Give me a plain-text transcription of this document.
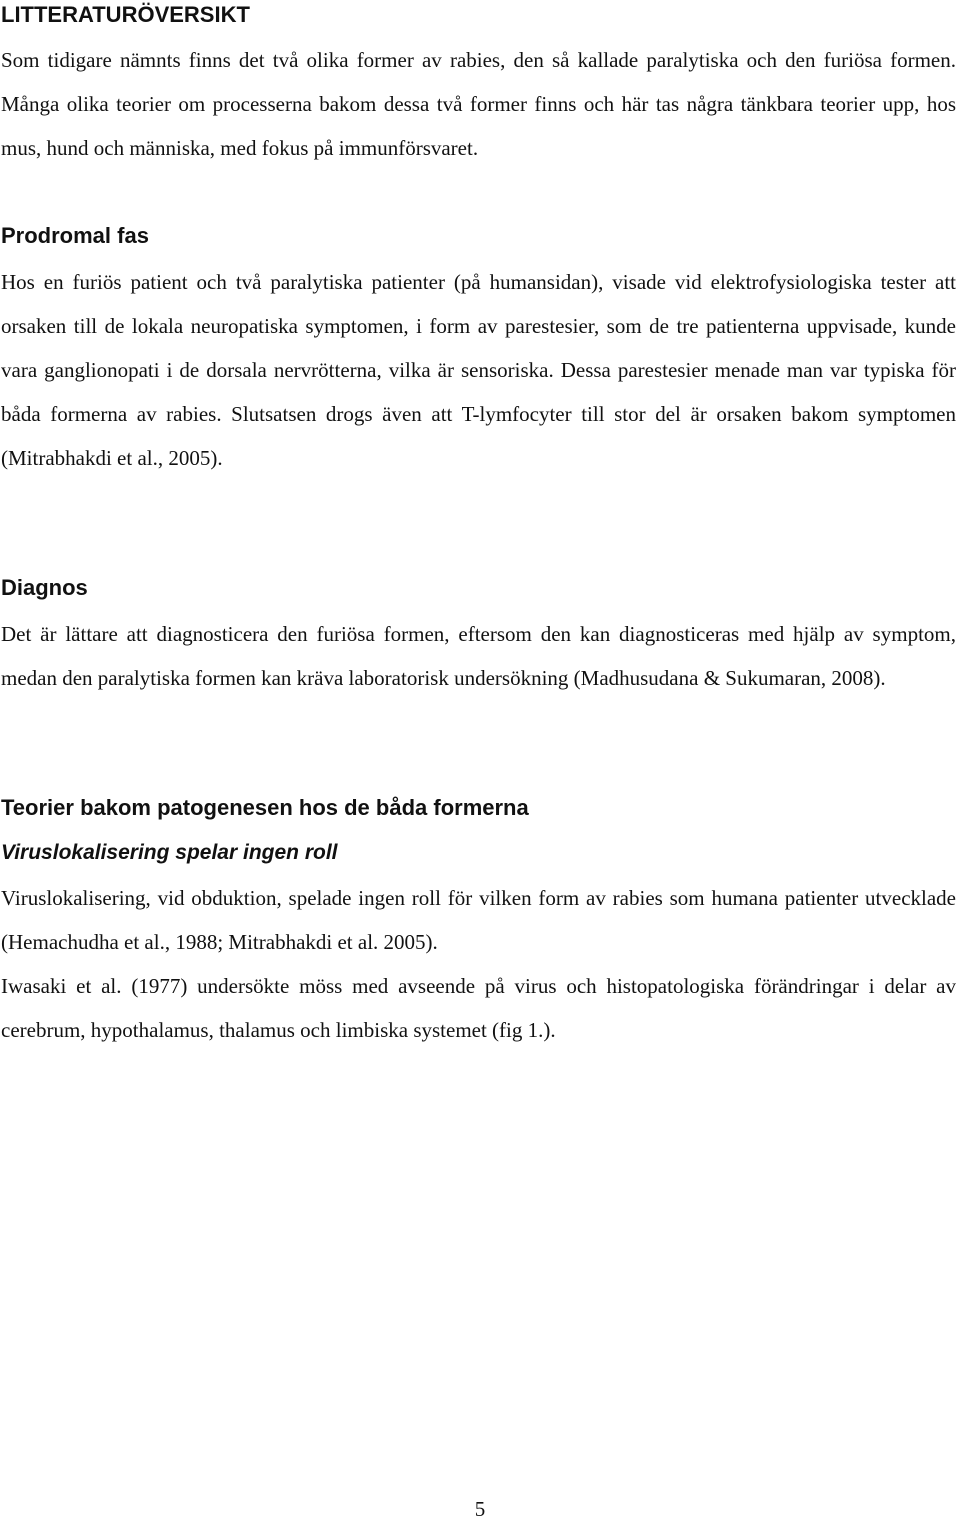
LITTERATURÖVERSIKT

Som tidigare nämnts finns det två olika former av rabies, den så kallade paralytiska och den furiösa formen. Många olika teorier om processerna bakom dessa två former finns och här tas några tänkbara teorier upp, hos mus, hund och människa, med fokus på immunförsvaret.

Prodromal fas

Hos en furiös patient och två paralytiska patienter (på humansidan), visade vid elektrofysiologiska tester att orsaken till de lokala neuropatiska symptomen, i form av parestesier, som de tre patienterna uppvisade, kunde vara ganglionopati i de dorsala nervrötterna, vilka är sensoriska. Dessa parestesier menade man var typiska för båda formerna av rabies. Slutsatsen drogs även att T-lymfocyter till stor del är orsaken bakom symptomen (Mitrabhakdi et al., 2005).

Diagnos

Det är lättare att diagnosticera den furiösa formen, eftersom den kan diagnosticeras med hjälp av symptom, medan den paralytiska formen kan kräva laboratorisk undersökning (Madhusudana & Sukumaran, 2008).

Teorier bakom patogenesen hos de båda formerna
Viruslokalisering spelar ingen roll

Viruslokalisering, vid obduktion, spelade ingen roll för vilken form av rabies som humana patienter utvecklade (Hemachudha et al., 1988; Mitrabhakdi et al. 2005).

Iwasaki et al. (1977) undersökte möss med avseende på virus och histopatologiska förändringar i delar av cerebrum, hypothalamus, thalamus och limbiska systemet (fig 1.).

5
